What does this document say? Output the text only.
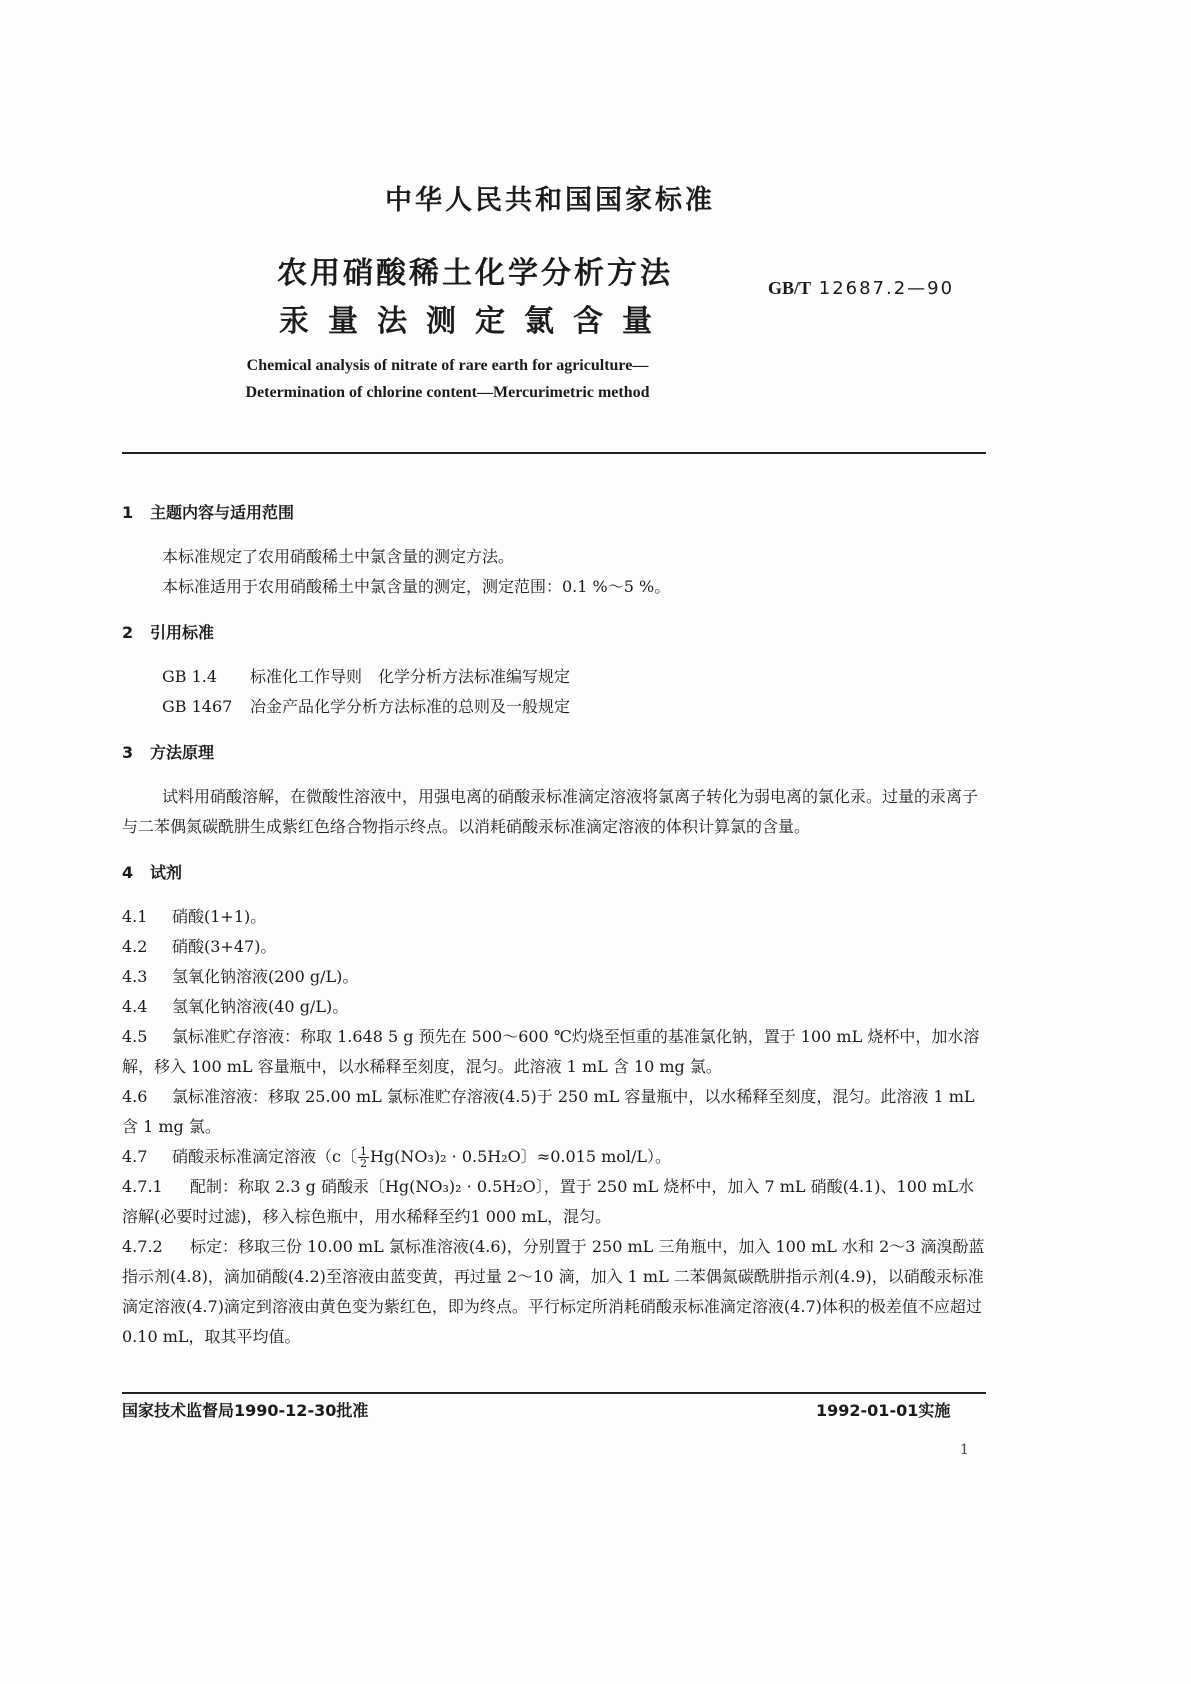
中华人民共和国国家标准
农用硝酸稀土化学分析方法
汞量法测定氯含量
GB/T 12687.2—90
Chemical analysis of nitrate of rare earth for agriculture—
Determination of chlorine content—Mercurimetric method
1 主题内容与适用范围

本标准规定了农用硝酸稀土中氯含量的测定方法。

本标准适用于农用硝酸稀土中氯含量的测定，测定范围：0.1 %～5 %。

2 引用标准

GB 1.4 标准化工作导则　化学分析方法标准编写规定

GB 1467 冶金产品化学分析方法标准的总则及一般规定

3 方法原理

试料用硝酸溶解，在微酸性溶液中，用强电离的硝酸汞标准滴定溶液将氯离子转化为弱电离的氯化汞。过量的汞离子与二苯偶氮碳酰肼生成紫红色络合物指示终点。以消耗硝酸汞标准滴定溶液的体积计算氯的含量。

4 试剂

4.1 硝酸(1+1)。

4.2 硝酸(3+47)。

4.3 氢氧化钠溶液(200 g/L)。

4.4 氢氧化钠溶液(40 g/L)。

4.5 氯标准贮存溶液：称取 1.648 5 g 预先在 500～600 ℃灼烧至恒重的基准氯化钠，置于 100 mL 烧杯中，加水溶解，移入 100 mL 容量瓶中，以水稀释至刻度，混匀。此溶液 1 mL 含 10 mg 氯。

4.6 氯标准溶液：移取 25.00 mL 氯标准贮存溶液(4.5)于 250 mL 容量瓶中，以水稀释至刻度，混匀。此溶液 1 mL 含 1 mg 氯。

4.7 硝酸汞标准滴定溶液（c〔 $\frac{1}{2} Hg(NO_3)_2 \cdot 0.5H_2O$〕≈0.015 mol/L）。

4.7.1 配制：称取 2.3 g 硝酸汞〔Hg(NO₃)₂ · 0.5H₂O〕，置于 250 mL 烧杯中，加入 7 mL 硝酸(4.1)、100 mL水溶解(必要时过滤)，移入棕色瓶中，用水稀释至约1 000 mL，混匀。

4.7.2 标定：移取三份 10.00 mL 氯标准溶液(4.6)，分别置于 250 mL 三角瓶中，加入 100 mL 水和 2～3 滴溴酚蓝指示剂(4.8)，滴加硝酸(4.2)至溶液由蓝变黄，再过量 2～10 滴，加入 1 mL 二苯偶氮碳酰肼指示剂(4.9)，以硝酸汞标准滴定溶液(4.7)滴定到溶液由黄色变为紫红色，即为终点。平行标定所消耗硝酸汞标准滴定溶液(4.7)体积的极差值不应超过 0.10 mL，取其平均值。

国家技术监督局1990-12-30批准	1992-01-01实施
1
